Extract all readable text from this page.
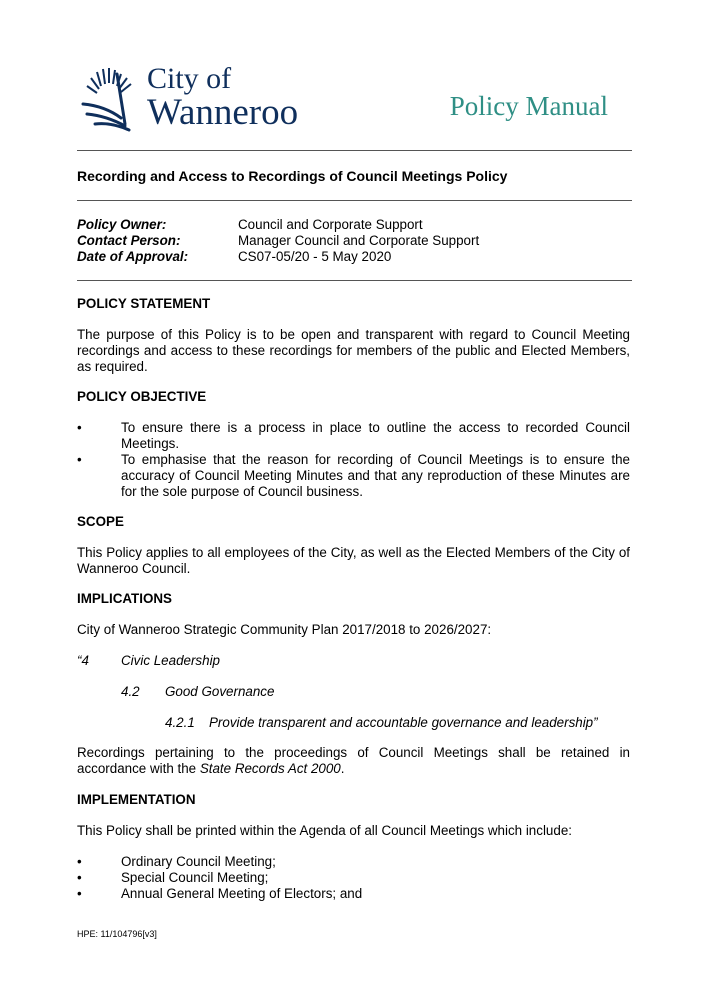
City of
Wanneroo	Policy Manual
Recording and Access to Recordings of Council Meetings Policy
Policy Owner:	Council and Corporate Support
Contact Person:	Manager Council and Corporate Support
Date of Approval:	CS07-05/20 - 5 May 2020
POLICY STATEMENT
The purpose of this Policy is to be open and transparent with regard to Council Meeting recordings and access to these recordings for members of the public and Elected Members, as required.
POLICY OBJECTIVE
•	To ensure there is a process in place to outline the access to recorded Council Meetings.
•	To emphasise that the reason for recording of Council Meetings is to ensure the accuracy of Council Meeting Minutes and that any reproduction of these Minutes are for the sole purpose of Council business.
SCOPE
This Policy applies to all employees of the City, as well as the Elected Members of the City of Wanneroo Council.
IMPLICATIONS
City of Wanneroo Strategic Community Plan 2017/2018 to 2026/2027:
“4 Civic Leadership
4.2 Good Governance
4.2.1 Provide transparent and accountable governance and leadership”
Recordings pertaining to the proceedings of Council Meetings shall be retained in accordance with the State Records Act 2000.
IMPLEMENTATION
This Policy shall be printed within the Agenda of all Council Meetings which include:
•	Ordinary Council Meeting;
•	Special Council Meeting;
•	Annual General Meeting of Electors; and
HPE: 11/104796[v3]
